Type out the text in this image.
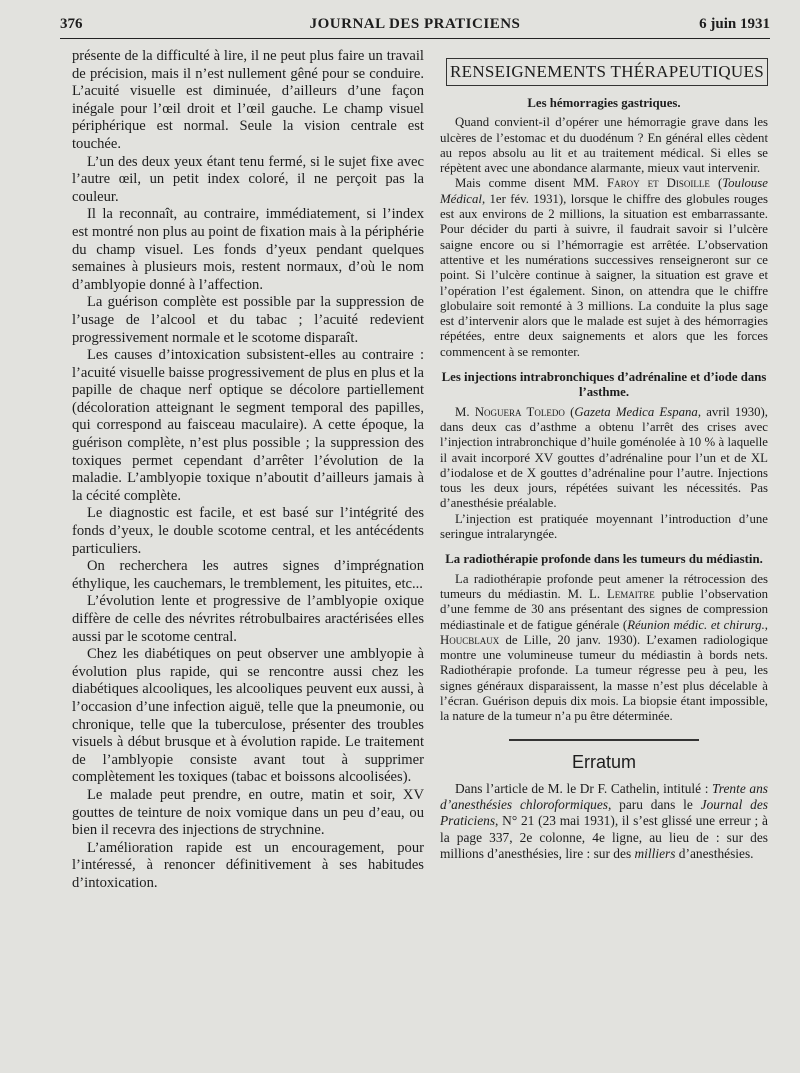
376	JOURNAL DES PRATICIENS	6 juin 1931

présente de la difficulté à lire, il ne peut plus faire un travail de précision, mais il n’est nullement gêné pour se conduire. L’acuité visuelle est diminuée, d’ailleurs d’une façon inégale pour l’œil droit et l’œil gauche. Le champ visuel périphérique est normal. Seule la vision centrale est touchée.

L’un des deux yeux étant tenu fermé, si le sujet fixe avec l’autre œil, un petit index coloré, il ne perçoit pas la couleur.

Il la reconnaît, au contraire, immédiatement, si l’index est montré non plus au point de fixation mais à la périphérie du champ visuel. Les fonds d’yeux pendant quelques semaines à plusieurs mois, restent normaux, d’où le nom d’amblyopie donné à l’affection.

La guérison complète est possible par la suppression de l’usage de l’alcool et du tabac ; l’acuité redevient progressivement normale et le scotome disparaît.

Les causes d’intoxication subsistent-elles au contraire : l’acuité visuelle baisse progressivement de plus en plus et la papille de chaque nerf optique se décolore partiellement (décoloration atteignant le segment temporal des papilles, qui correspond au faisceau maculaire). A cette époque, la guérison complète, n’est plus possible ; la suppression des toxiques permet cependant d’arrêter l’évolution de la maladie. L’amblyopie toxique n’aboutit d’ailleurs jamais à la cécité complète.

Le diagnostic est facile, et est basé sur l’intégrité des fonds d’yeux, le double scotome central, et les antécédents particuliers.

On recherchera les autres signes d’imprégnation éthylique, les cauchemars, le tremblement, les pituites, etc...

L’évolution lente et progressive de l’amblyopie oxique diffère de celle des névrites rétrobulbaires aractérisées elles aussi par le scotome central.

Chez les diabétiques on peut observer une amblyopie à évolution plus rapide, qui se rencontre aussi chez les diabétiques alcooliques, les alcooliques peuvent eux aussi, à l’occasion d’une infection aiguë, telle que la pneumonie, ou chronique, telle que la tuberculose, présenter des troubles visuels à début brusque et à évolution rapide. Le traitement de l’amblyopie consiste avant tout à supprimer complètement les toxiques (tabac et boissons alcoolisées).

Le malade peut prendre, en outre, matin et soir, XV gouttes de teinture de noix vomique dans un peu d’eau, ou bien il recevra des injections de strychnine.

L’amélioration rapide est un encouragement, pour l’intéressé, à renoncer définitivement à ses habitudes d’intoxication.

RENSEIGNEMENTS THÉRAPEUTIQUES
Les hémorragies gastriques.

Quand convient-il d’opérer une hémorragie grave dans les ulcères de l’estomac et du duodénum ? En général elles cèdent au repos absolu au lit et au traitement médical. Si elles se répètent avec une abondance alarmante, mieux vaut intervenir.

Mais comme disent MM. Faroy et Disoille (Toulouse Médical, 1er fév. 1931), lorsque le chiffre des globules rouges est aux environs de 2 millions, la situation est embarrassante. Pour décider du parti à suivre, il faudrait savoir si l’ulcère saigne encore ou si l’hémorragie est arrêtée. L’observation attentive et les numérations successives renseigneront sur ce point. Si l’ulcère continue à saigner, la situation est grave et l’opération l’est également. Sinon, on attendra que le chiffre globulaire soit remonté à 3 millions. La conduite la plus sage est d’intervenir alors que le malade est sujet à des hémorragies répétées, entre deux saignements et alors que les forces commencent à se remonter.

Les injections intrabronchiques d’adrénaline et d’iode dans l’asthme.

M. Noguera Toledo (Gazeta Medica Espana, avril 1930), dans deux cas d’asthme a obtenu l’arrêt des crises avec l’injection intrabronchique d’huile goménolée à 10 % à laquelle il avait incorporé XV gouttes d’adrénaline pour l’un et de XL d’iodalose et de X gouttes d’adrénaline pour l’autre. Injections tous les deux jours, répétées suivant les nécessités. Pas d’anesthésie préalable.

L’injection est pratiquée moyennant l’introduction d’une seringue intralaryngée.

La radiothérapie profonde dans les tumeurs du médiastin.

La radiothérapie profonde peut amener la rétrocession des tumeurs du médiastin. M. L. Lemaitre publie l’observation d’une femme de 30 ans présentant des signes de compression médiastinale et de fatigue générale (Réunion médic. et chirurg., Houcblaux de Lille, 20 janv. 1930). L’examen radiologique montre une volumineuse tumeur du médiastin à bords nets. Radiothérapie profonde. La tumeur régresse peu à peu, les signes généraux disparaissent, la masse n’est plus décelable à l’écran. Guérison depuis dix mois. La biopsie étant impossible, la nature de la tumeur n’a pu être déterminée.

Erratum

Dans l’article de M. le Dr F. Cathelin, intitulé : Trente ans d’anesthésies chloroformiques, paru dans le Journal des Praticiens, N° 21 (23 mai 1931), il s’est glissé une erreur ; à la page 337, 2e colonne, 4e ligne, au lieu de : sur des millions d’anesthésies, lire : sur des milliers d’anesthésies.
